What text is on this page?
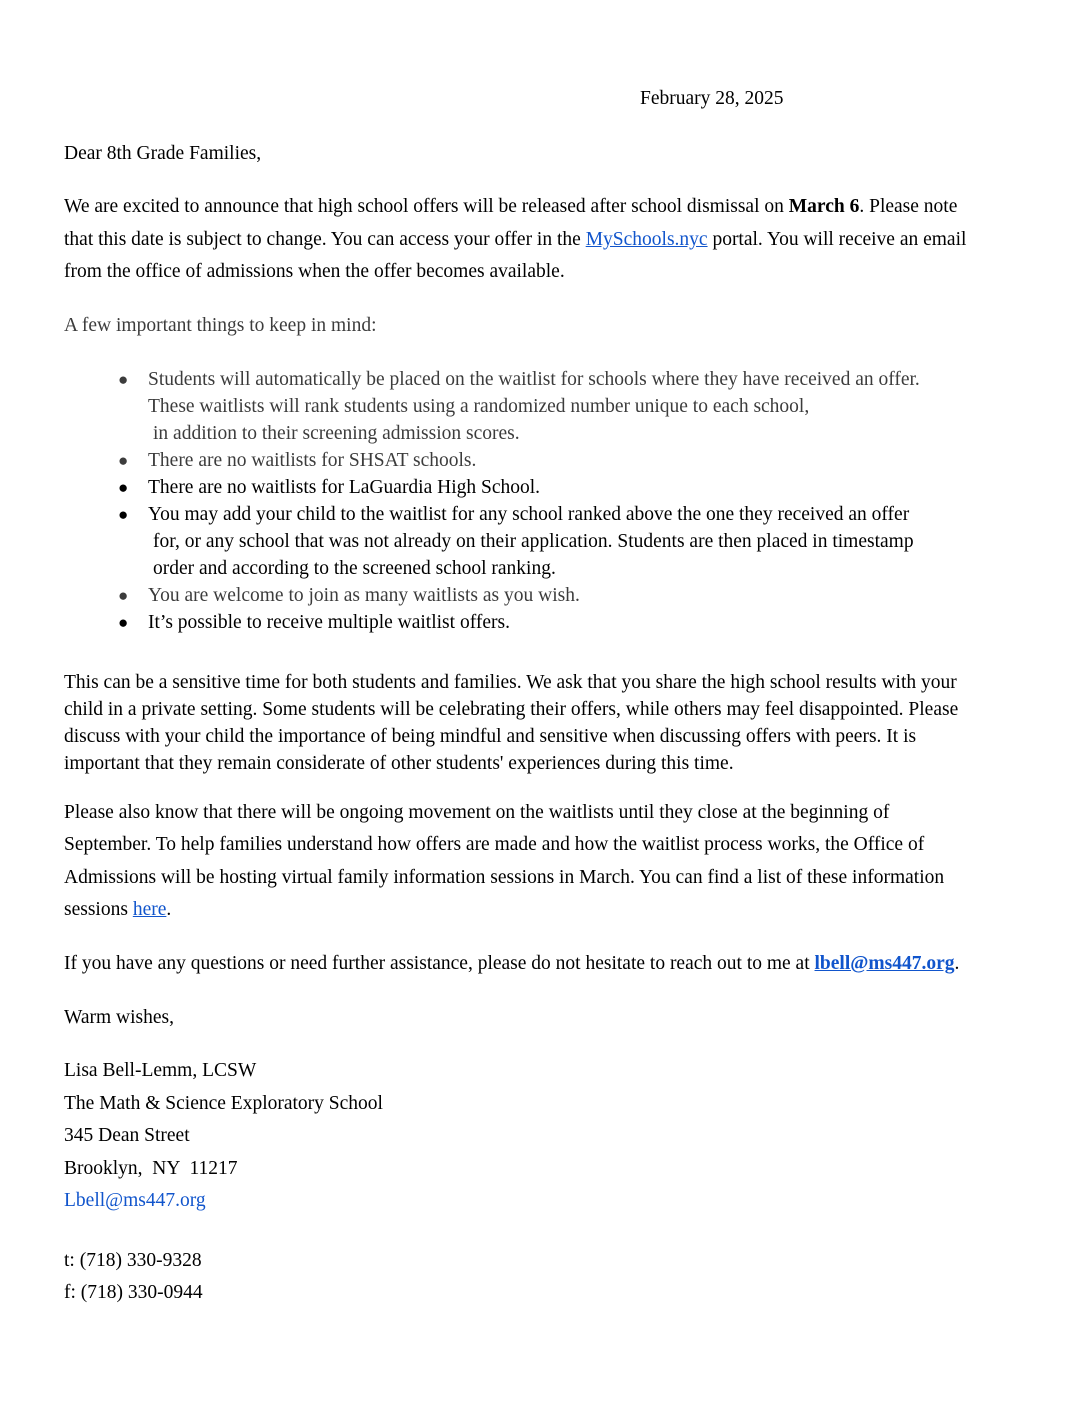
February 28, 2025
Dear 8th Grade Families,
We are excited to announce that high school offers will be released after school dismissal on March 6. Please note
that this date is subject to change. You can access your offer in the MySchools.nyc portal. You will receive an email
from the office of admissions when the offer becomes available.
A few important things to keep in mind:
● Students will automatically be placed on the waitlist for schools where they have received an offer.
These waitlists will rank students using a randomized number unique to each school,

in addition to their screening admission scores.
● There are no waitlists for SHSAT schools.
● There are no waitlists for LaGuardia High School.
● You may add your child to the waitlist for any school ranked above the one they received an offer

for, or any school that was not already on their application. Students are then placed in timestamp
order and according to the screened school ranking.
● You are welcome to join as many waitlists as you wish.
● It’s possible to receive multiple waitlist offers.
This can be a sensitive time for both students and families. We ask that you share the high school results with your
child in a private setting. Some students will be celebrating their offers, while others may feel disappointed. Please
discuss with your child the importance of being mindful and sensitive when discussing offers with peers. It is
important that they remain considerate of other students' experiences during this time.
Please also know that there will be ongoing movement on the waitlists until they close at the beginning of
September. To help families understand how offers are made and how the waitlist process works, the Office of
Admissions will be hosting virtual family information sessions in March. You can find a list of these information
sessions here.
If you have any questions or need further assistance, please do not hesitate to reach out to me at lbell@ms447.org.
Warm wishes,
Lisa Bell-Lemm, LCSW
The Math & Science Exploratory School
345 Dean Street
Brooklyn,  NY  11217
Lbell@ms447.org
t: (718) 330-9328
f: (718) 330-0944
